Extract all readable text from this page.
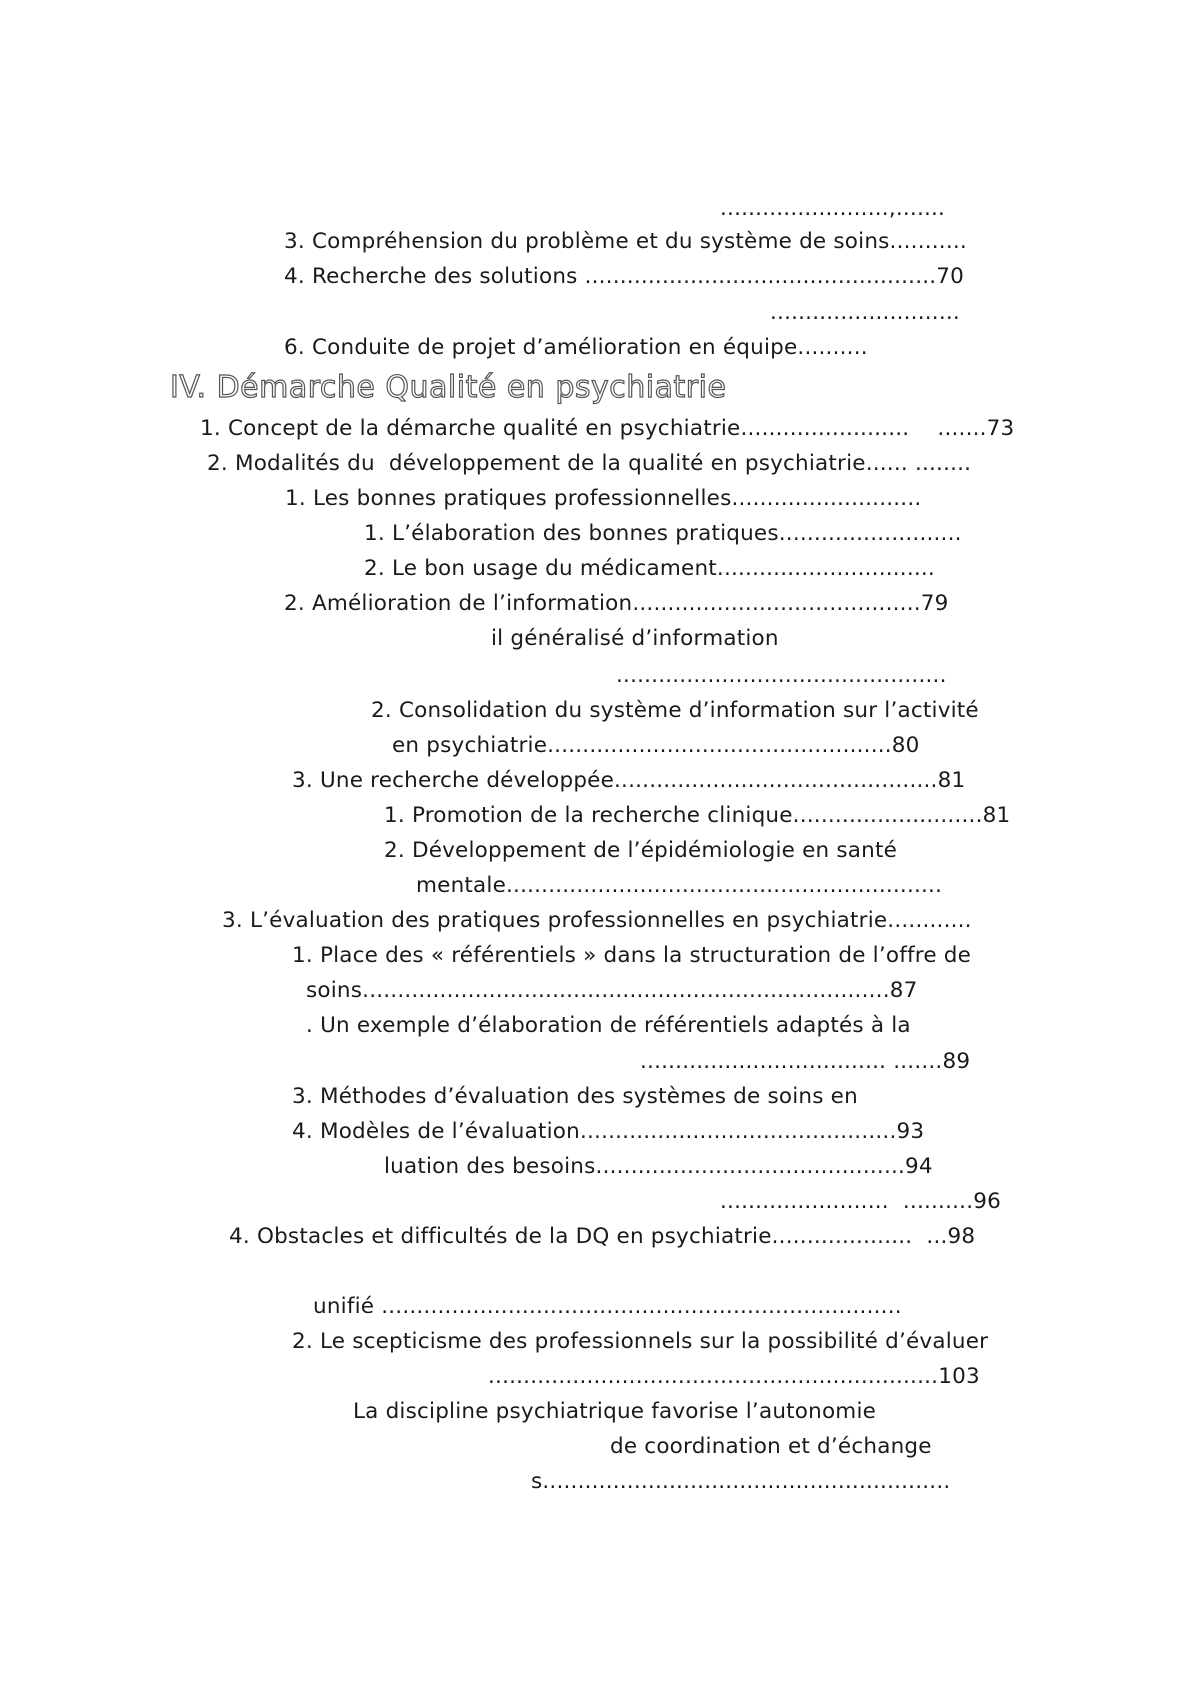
........................,.......
3. Compréhension du problème et du système de soins...........
4. Recherche des solutions ..................................................70
...........................
6. Conduite de projet d’amélioration en équipe..........
IV. Démarche Qualité en psychiatrie
1. Concept de la démarche qualité en psychiatrie........................    .......73
2. Modalités du  développement de la qualité en psychiatrie...... ........
1. Les bonnes pratiques professionnelles...........................
1. L’élaboration des bonnes pratiques..........................
2. Le bon usage du médicament...............................
2. Amélioration de l’information.........................................79
il généralisé d’information
...............................................
2. Consolidation du système d’information sur l’activité
en psychiatrie.................................................80
3. Une recherche développée..............................................81
1. Promotion de la recherche clinique...........................81
2. Développement de l’épidémiologie en santé
mentale..............................................................
3. L’évaluation des pratiques professionnelles en psychiatrie............
1. Place des « référentiels » dans la structuration de l’offre de
soins...........................................................................87
. Un exemple d’élaboration de référentiels adaptés à la
................................... .......89
3. Méthodes d’évaluation des systèmes de soins en
4. Modèles de l’évaluation.............................................93
luation des besoins............................................94
........................  ..........96
4. Obstacles et difficultés de la DQ en psychiatrie....................  ...98
unifié ..........................................................................
2. Le scepticisme des professionnels sur la possibilité d’évaluer
................................................................103
La discipline psychiatrique favorise l’autonomie
de coordination et d’échange
s..........................................................
